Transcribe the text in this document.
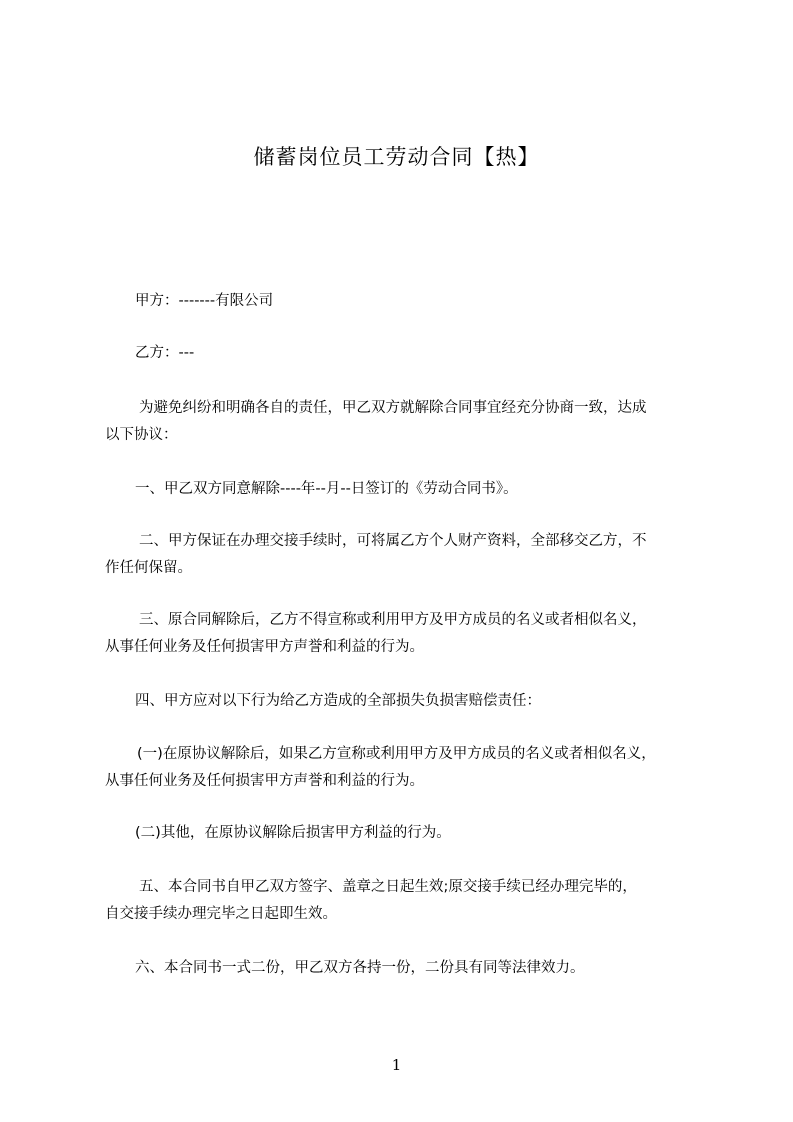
储蓄岗位员工劳动合同【热】
甲方：-------有限公司
乙方：---
为避免纠纷和明确各自的责任，甲乙双方就解除合同事宜经充分协商一致，达成
以下协议：
一、甲乙双方同意解除----年--月--日签订的《劳动合同书》。
二、甲方保证在办理交接手续时，可将属乙方个人财产资料，全部移交乙方，不
作任何保留。
三、原合同解除后，乙方不得宣称或利用甲方及甲方成员的名义或者相似名义，
从事任何业务及任何损害甲方声誉和利益的行为。
四、甲方应对以下行为给乙方造成的全部损失负损害赔偿责任：
(一)在原协议解除后，如果乙方宣称或利用甲方及甲方成员的名义或者相似名义，
从事任何业务及任何损害甲方声誉和利益的行为。
(二)其他，在原协议解除后损害甲方利益的行为。
五、本合同书自甲乙双方签字、盖章之日起生效;原交接手续已经办理完毕的，
自交接手续办理完毕之日起即生效。
六、本合同书一式二份，甲乙双方各持一份，二份具有同等法律效力。
1
